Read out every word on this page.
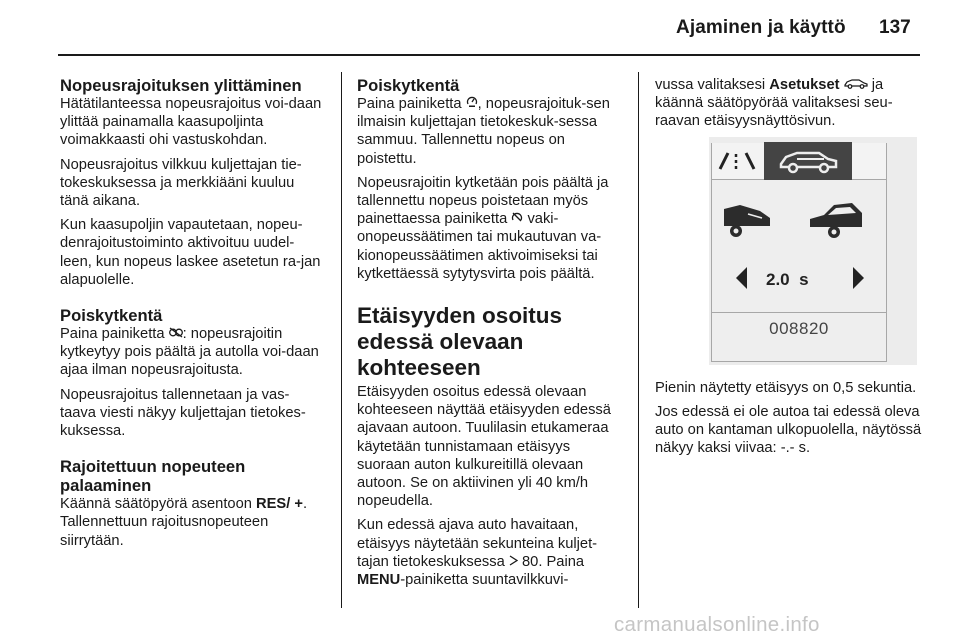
Ajaminen ja käyttö 137
Nopeusrajoituksen ylittäminen

Hätätilanteessa nopeusrajoitus voi‐daan ylittää painamalla kaasupoljinta voimakkaasti ohi vastuskohdan.

Nopeusrajoitus vilkkuu kuljettajan tie‐tokeskuksessa ja merkkiääni kuuluu tänä aikana.

Kun kaasupoljin vapautetaan, nopeu‐denrajoitustoiminto aktivoituu uudel‐leen, kun nopeus laskee asetetun ra‐jan alapuolelle.

Poiskytkentä

Paina painiketta : nopeusrajoitin kytkeytyy pois päältä ja autolla voi‐daan ajaa ilman nopeusrajoitusta.

Nopeusrajoitus tallennetaan ja vas‐taava viesti näkyy kuljettajan tietokes‐kuksessa.

Rajoitettuun nopeuteen palaaminen

Käännä säätöpyörä asentoon RES/ +. Tallennettuun rajoitusnopeuteen siirrytään.

Poiskytkentä

Paina painiketta , nopeusrajoituk‐sen ilmaisin kuljettajan tietokeskuk‐sessa sammuu. Tallennettu nopeus on poistettu.

Nopeusrajoitin kytketään pois päältä ja tallennettu nopeus poistetaan myös painettaessa painiketta vaki‐onopeussäätimen tai mukautuvan va‐kionopeussäätimen aktivoimiseksi tai kytkettäessä sytytysvirta pois päältä.

Etäisyyden osoitus edessä olevaan kohteeseen

Etäisyyden osoitus edessä olevaan kohteeseen näyttää etäisyyden edessä ajavaan autoon. Tuulilasin etukameraa käytetään tunnistamaan etäisyys suoraan auton kulkureitillä olevaan autoon. Se on aktiivinen yli 40 km/h nopeudella.

Kun edessä ajava auto havaitaan, etäisyys näytetään sekunteina kuljet‐tajan tietokeskuksessa 80. Paina MENU-painiketta suuntavilkkuvi‐

vussa valitaksesi Asetukset ja käännä säätöpyörää valitaksesi seu‐raavan etäisyysnäyttösivun.

2.0 s
008820

Pienin näytetty etäisyys on 0,5 sekuntia.

Jos edessä ei ole autoa tai edessä oleva auto on kantaman ulkopuolella, näytössä näkyy kaksi viivaa: -.- s.

carmanualsonline.info
